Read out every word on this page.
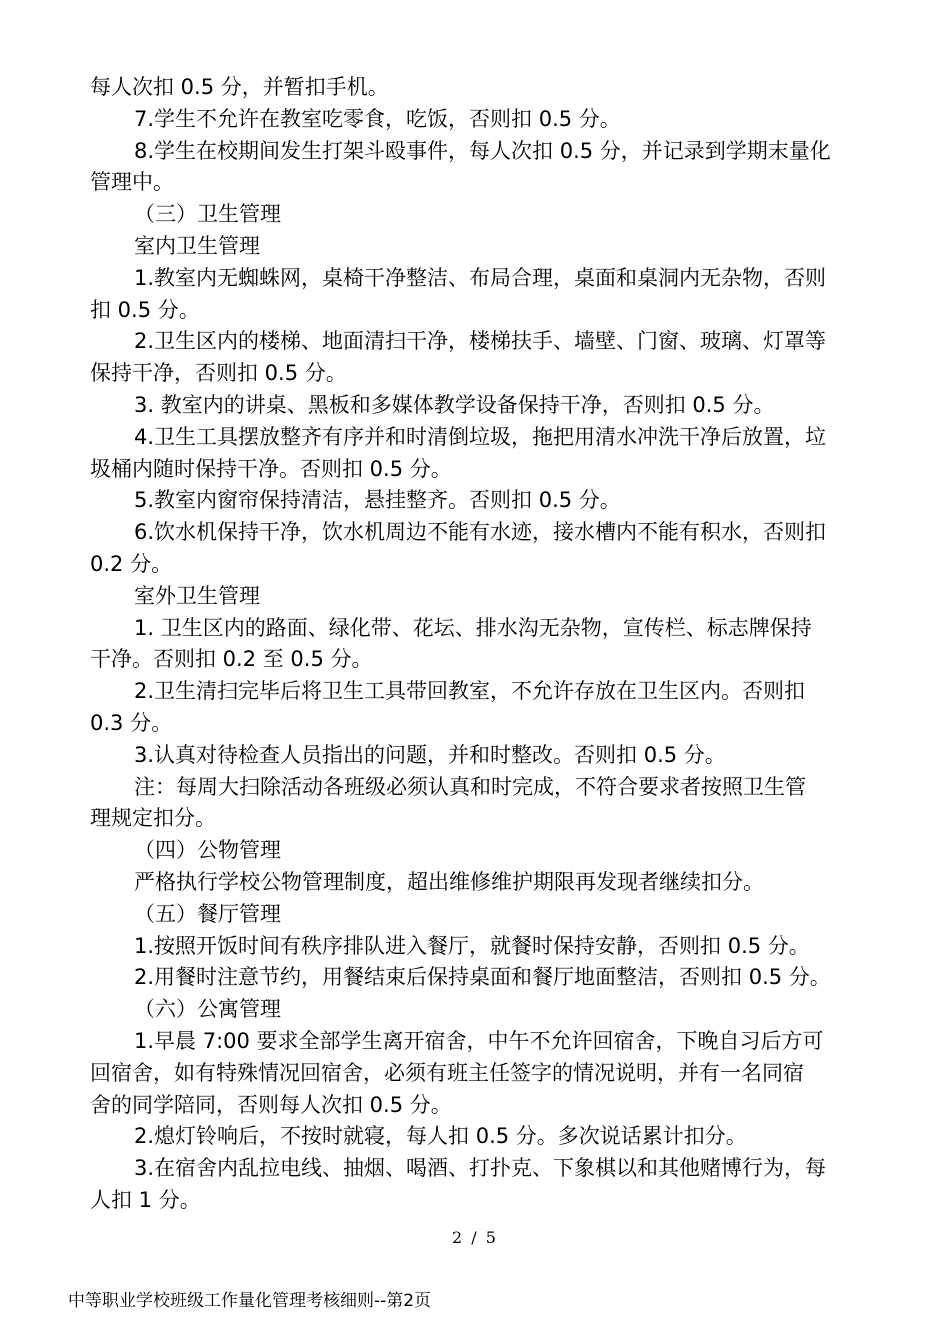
每人次扣 0.5 分，并暂扣手机。
7.学生不允许在教室吃零食，吃饭，否则扣 0.5 分。
8.学生在校期间发生打架斗殴事件，每人次扣 0.5 分，并记录到学期末量化
管理中。
（三）卫生管理
室内卫生管理
1.教室内无蜘蛛网，桌椅干净整洁、布局合理，桌面和桌洞内无杂物，否则
扣 0.5 分。
2.卫生区内的楼梯、地面清扫干净，楼梯扶手、墙壁、门窗、玻璃、灯罩等
保持干净，否则扣 0.5 分。
3. 教室内的讲桌、黑板和多媒体教学设备保持干净，否则扣 0.5 分。
4.卫生工具摆放整齐有序并和时清倒垃圾，拖把用清水冲洗干净后放置，垃
圾桶内随时保持干净。否则扣 0.5 分。
5.教室内窗帘保持清洁，悬挂整齐。否则扣 0.5 分。
6.饮水机保持干净，饮水机周边不能有水迹，接水槽内不能有积水，否则扣
0.2 分。
室外卫生管理
1. 卫生区内的路面、绿化带、花坛、排水沟无杂物，宣传栏、标志牌保持
干净。否则扣 0.2 至 0.5 分。
2.卫生清扫完毕后将卫生工具带回教室，不允许存放在卫生区内。否则扣
0.3 分。
3.认真对待检查人员指出的问题，并和时整改。否则扣 0.5 分。
注：每周大扫除活动各班级必须认真和时完成，不符合要求者按照卫生管
理规定扣分。
（四）公物管理
严格执行学校公物管理制度，超出维修维护期限再发现者继续扣分。
（五）餐厅管理
1.按照开饭时间有秩序排队进入餐厅，就餐时保持安静，否则扣 0.5 分。
2.用餐时注意节约，用餐结束后保持桌面和餐厅地面整洁，否则扣 0.5 分。
（六）公寓管理
1.早晨 7:00 要求全部学生离开宿舍，中午不允许回宿舍，下晚自习后方可
回宿舍，如有特殊情况回宿舍，必须有班主任签字的情况说明，并有一名同宿
舍的同学陪同，否则每人次扣 0.5 分。
2.熄灯铃响后，不按时就寝，每人扣 0.5 分。多次说话累计扣分。
3.在宿舍内乱拉电线、抽烟、喝酒、打扑克、下象棋以和其他赌博行为，每
人扣 1 分。
2 / 5
中等职业学校班级工作量化管理考核细则--第2页
